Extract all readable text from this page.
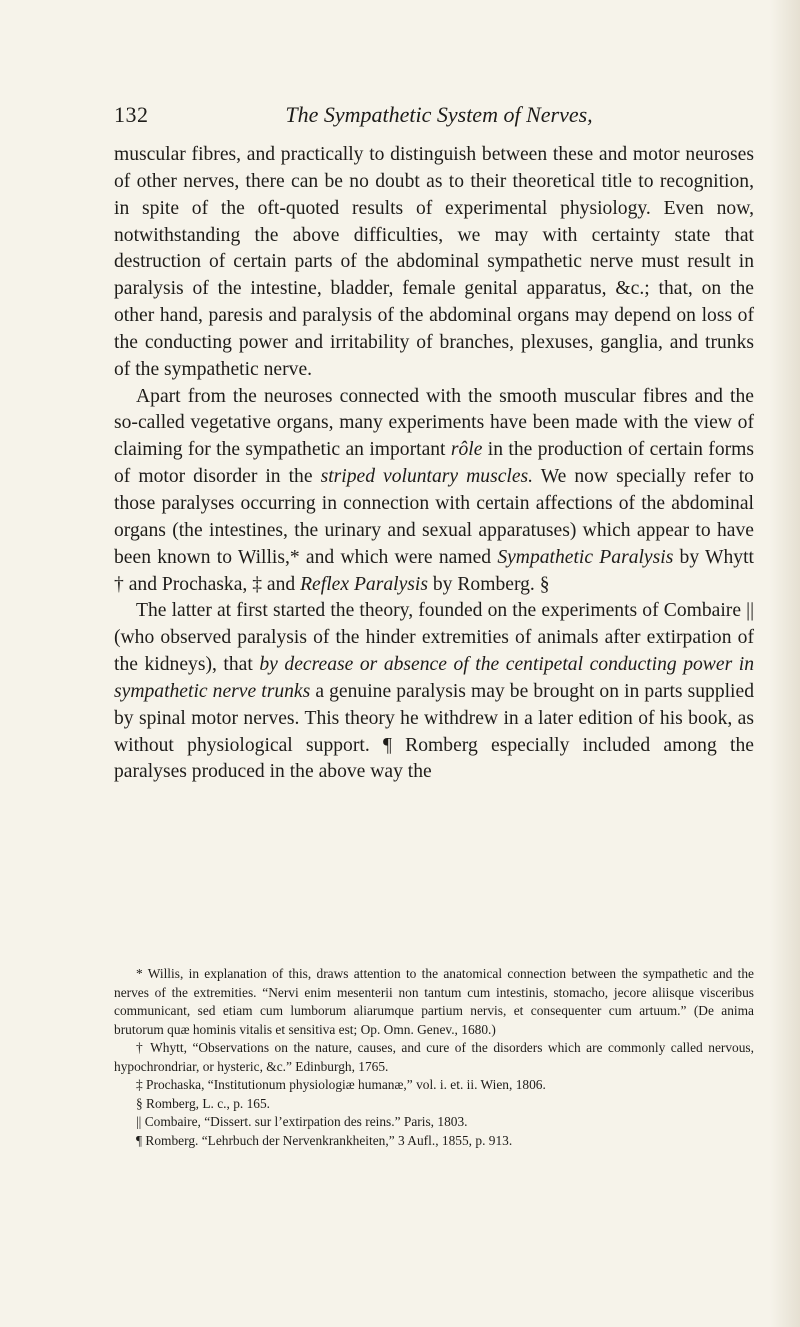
132	The Sympathetic System of Nerves,

muscular fibres, and practically to distinguish between these and motor neuroses of other nerves, there can be no doubt as to their theoretical title to recognition, in spite of the oft-quoted results of experimental physiology. Even now, notwithstanding the above difficulties, we may with certainty state that destruction of certain parts of the abdominal sympathetic nerve must result in paralysis of the intestine, bladder, female genital apparatus, &c.; that, on the other hand, paresis and paralysis of the abdominal organs may depend on loss of the conducting power and irritability of branches, plexuses, ganglia, and trunks of the sympathetic nerve.

Apart from the neuroses connected with the smooth muscular fibres and the so-called vegetative organs, many experiments have been made with the view of claiming for the sympathetic an important rôle in the production of certain forms of motor disorder in the striped voluntary muscles. We now specially refer to those paralyses occurring in connection with certain affections of the abdominal organs (the intestines, the urinary and sexual apparatuses) which appear to have been known to Willis,* and which were named Sympathetic Paralysis by Whytt † and Prochaska, ‡ and Reflex Paralysis by Romberg. §

The latter at first started the theory, founded on the experiments of Combaire || (who observed paralysis of the hinder extremities of animals after extirpation of the kidneys), that by decrease or absence of the centipetal conducting power in sympathetic nerve trunks a genuine paralysis may be brought on in parts supplied by spinal motor nerves. This theory he withdrew in a later edition of his book, as without physiological support. ¶ Romberg especially included among the paralyses produced in the above way the

* Willis, in explanation of this, draws attention to the anatomical connection between the sympathetic and the nerves of the extremities. “Nervi enim mesenterii non tantum cum intestinis, stomacho, jecore aliisque visceribus communicant, sed etiam cum lumborum aliarumque partium nervis, et consequenter cum artuum.” (De anima brutorum quæ hominis vitalis et sensitiva est; Op. Omn. Genev., 1680.)

† Whytt, “Observations on the nature, causes, and cure of the disorders which are commonly called nervous, hypochrondriar, or hysteric, &c.” Edinburgh, 1765.

‡ Prochaska, “Institutionum physiologiæ humanæ,” vol. i. et. ii. Wien, 1806.

§ Romberg, L. c., p. 165.

|| Combaire, “Dissert. sur l’extirpation des reins.” Paris, 1803.

¶ Romberg. “Lehrbuch der Nervenkrankheiten,” 3 Aufl., 1855, p. 913.
